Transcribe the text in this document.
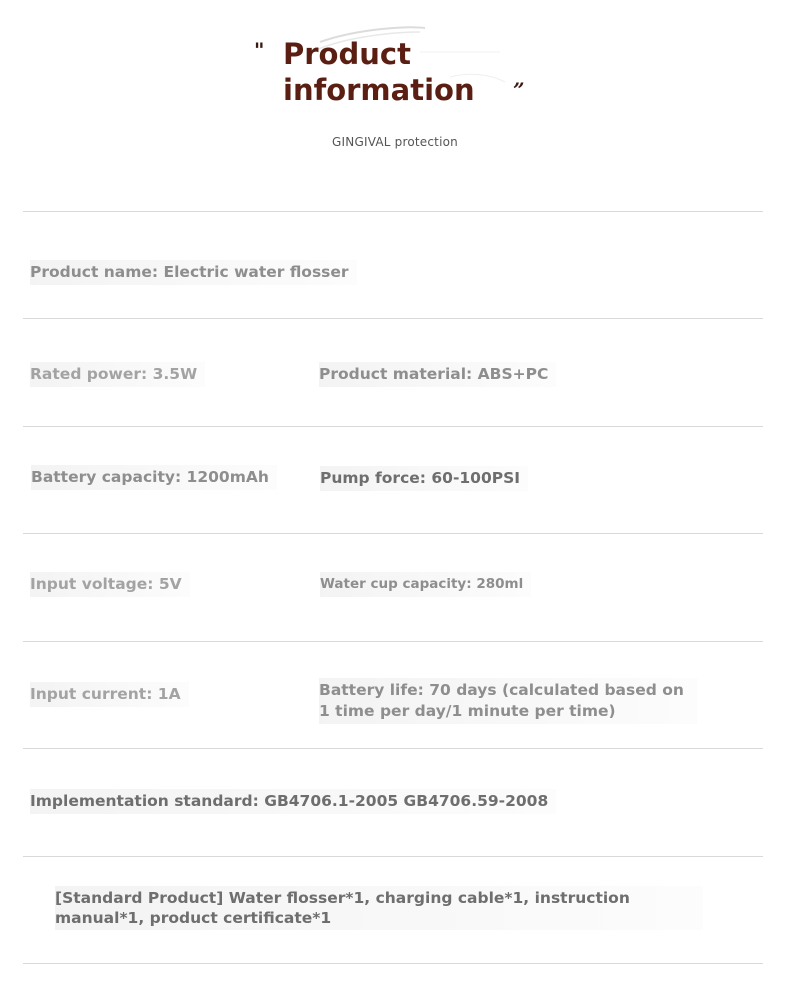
" Product
information ”
GINGIVAL protection
Product name: Electric water flosser
Rated power: 3.5W	Product material: ABS+PC
Battery capacity: 1200mAh	Pump force: 60-100PSI
Input voltage: 5V	Water cup capacity: 280ml
Input current: 1A	Battery life: 70 days (calculated based on 1 time per day/1 minute per time)
Implementation standard: GB4706.1-2005 GB4706.59-2008
[Standard Product] Water flosser*1, charging cable*1, instruction manual*1, product certificate*1
